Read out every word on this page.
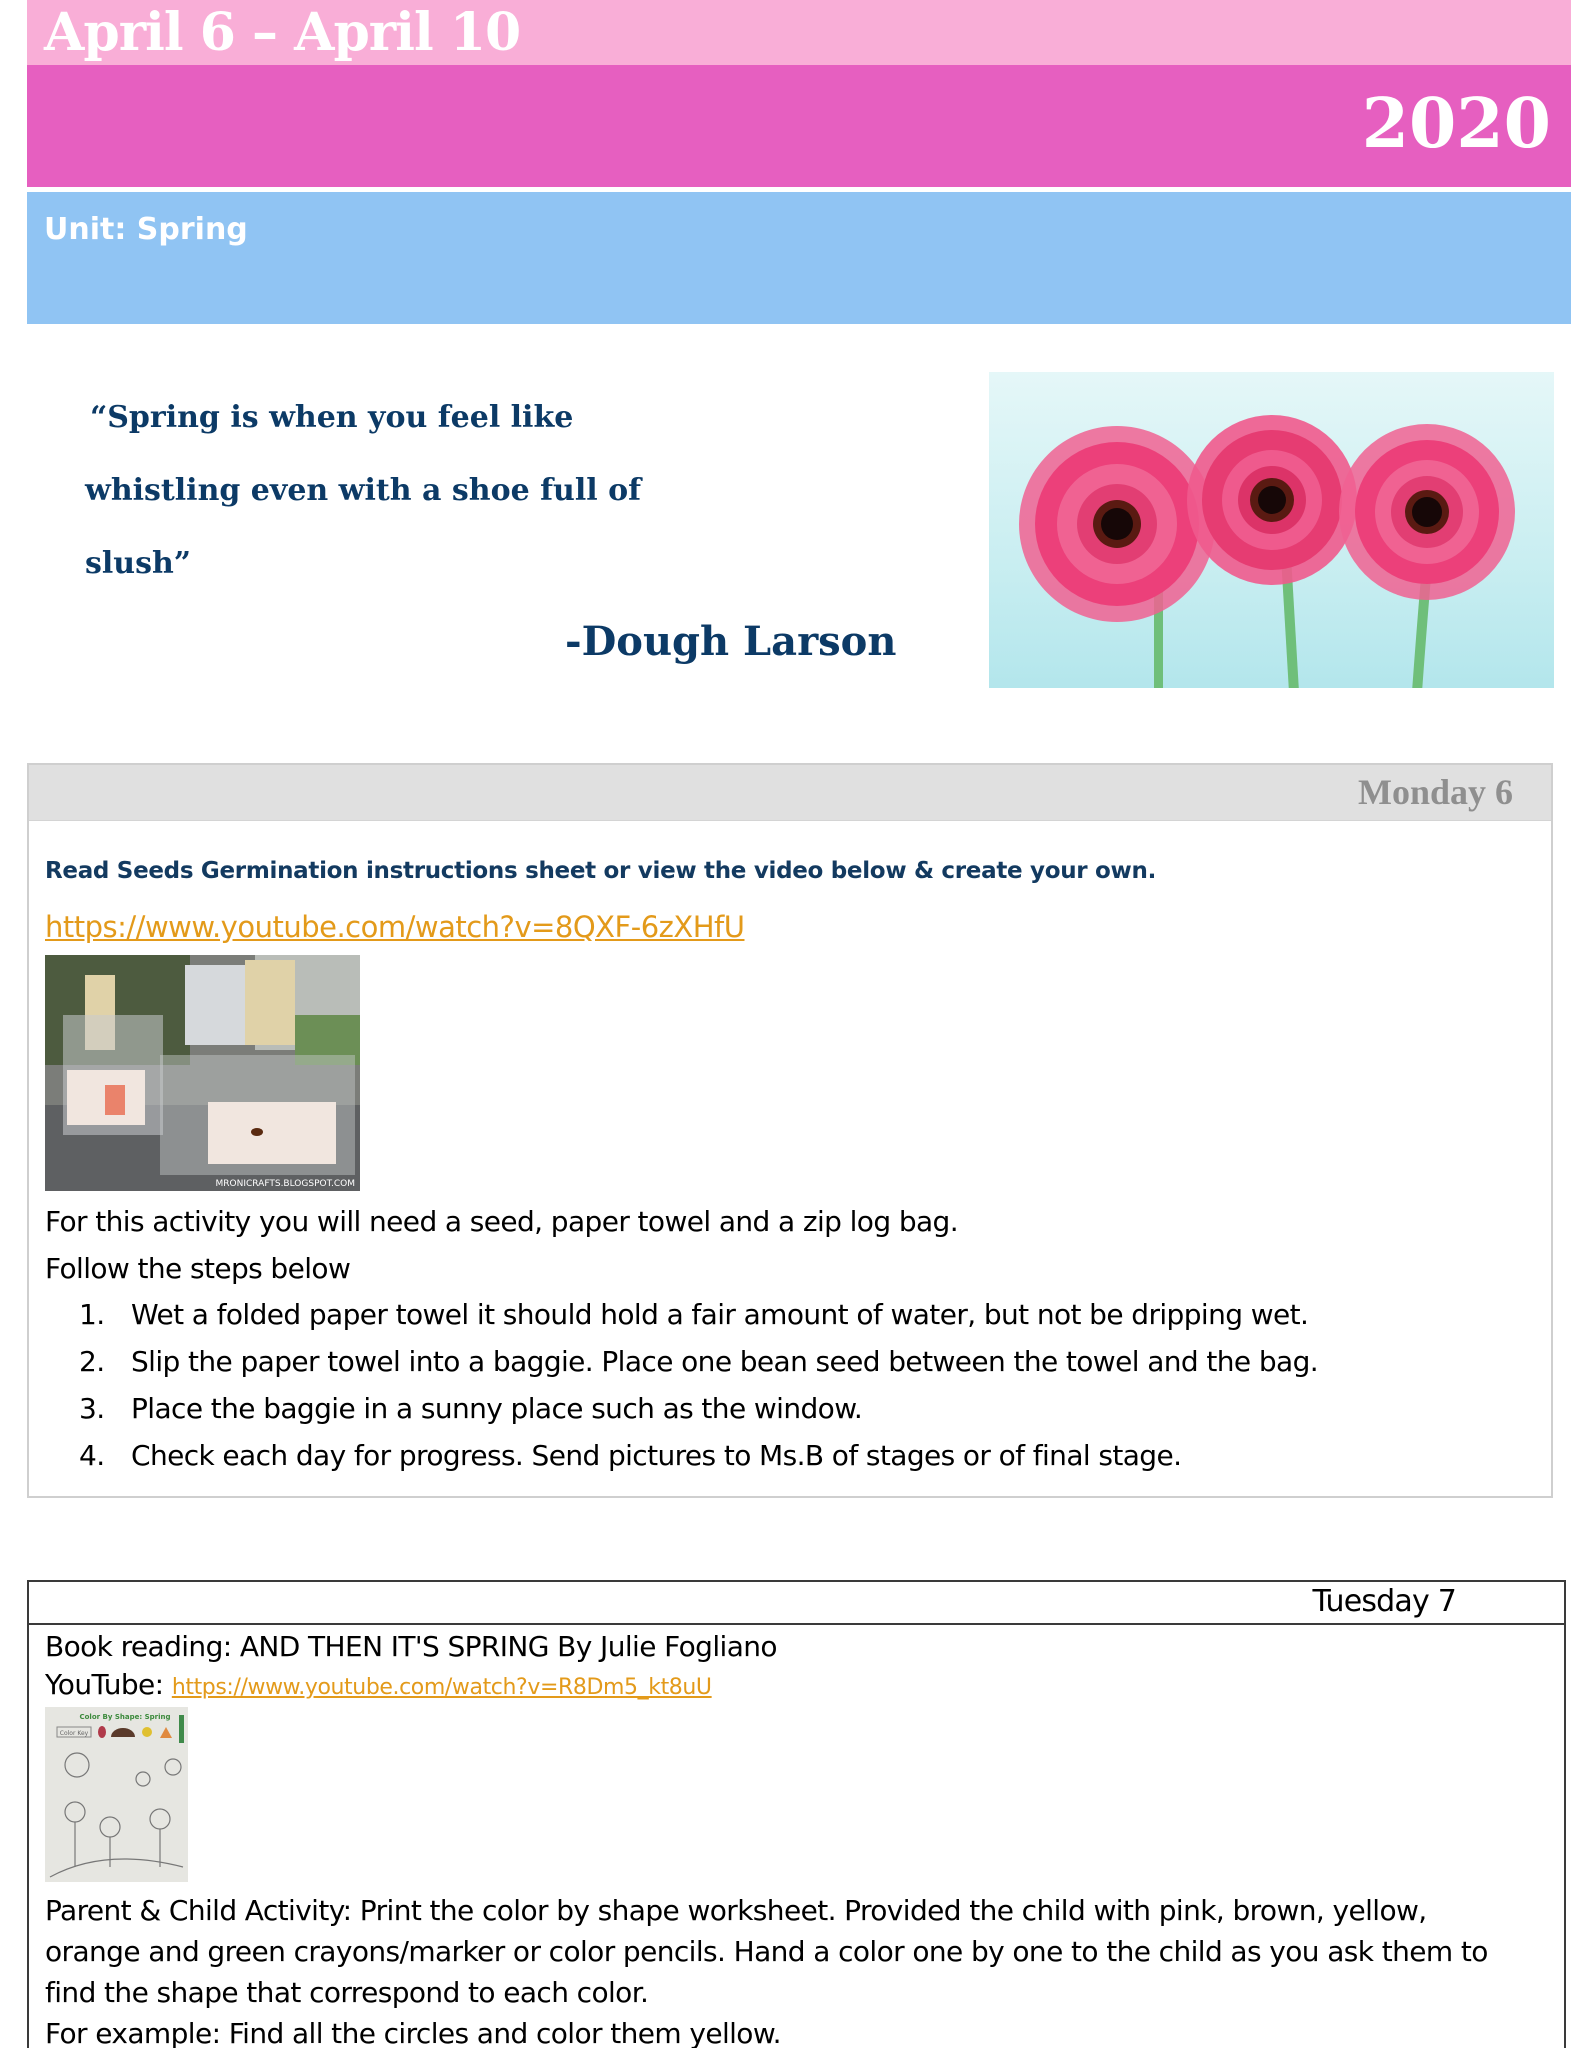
April 6 – April 10
2020
Unit: Spring
“Spring is when you feel like
whistling even with a shoe full of
slush”
-Dough Larson
Monday 6
Read Seeds Germination instructions sheet or view the video below & create your own.
https://www.youtube.com/watch?v=8QXF-6zXHfU
MRONICRAFTS.BLOGSPOT.COM
For this activity you will need a seed, paper towel and a zip log bag.
Follow the steps below
1. Wet a folded paper towel it should hold a fair amount of water, but not be dripping wet.
2. Slip the paper towel into a baggie. Place one bean seed between the towel and the bag.
3. Place the baggie in a sunny place such as the window.
4. Check each day for progress. Send pictures to Ms.B of stages or of final stage.
Tuesday 7
Book reading: AND THEN IT'S SPRING By Julie Fogliano
YouTube: https://www.youtube.com/watch?v=R8Dm5_kt8uU
Color By Shape: Spring
Color Key
Parent & Child Activity: Print the color by shape worksheet. Provided the child with pink, brown, yellow,
orange and green crayons/marker or color pencils. Hand a color one by one to the child as you ask them to
find the shape that correspond to each color.
For example: Find all the circles and color them yellow.
